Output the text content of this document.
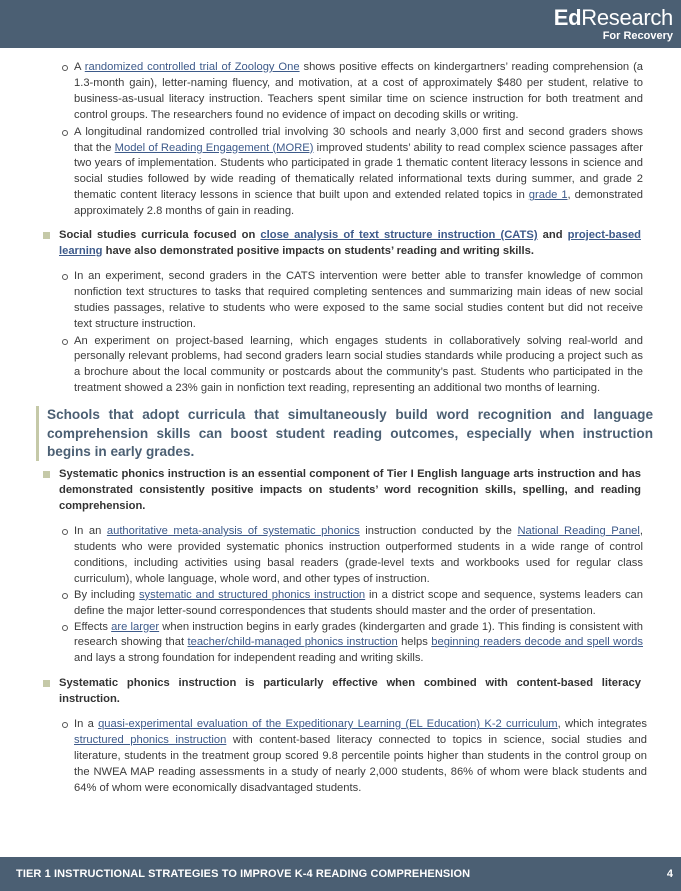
EdResearch
For Recovery
A randomized controlled trial of Zoology One shows positive effects on kindergartners’ reading comprehension (a 1.3-month gain), letter-naming fluency, and motivation, at a cost of approximately $480 per student, relative to business-as-usual literacy instruction. Teachers spent similar time on science instruction for both treatment and control groups. The researchers found no evidence of impact on decoding skills or writing.
A longitudinal randomized controlled trial involving 30 schools and nearly 3,000 first and second graders shows that the Model of Reading Engagement (MORE) improved students’ ability to read complex science passages after two years of implementation. Students who participated in grade 1 thematic content literacy lessons in science and social studies followed by wide reading of thematically related informational texts during summer, and grade 2 thematic content literacy lessons in science that built upon and extended related topics in grade 1, demonstrated approximately 2.8 months of gain in reading.
Social studies curricula focused on close analysis of text structure instruction (CATS) and project-based learning have also demonstrated positive impacts on students’ reading and writing skills.
In an experiment, second graders in the CATS intervention were better able to transfer knowledge of common nonfiction text structures to tasks that required completing sentences and summarizing main ideas of new social studies passages, relative to students who were exposed to the same social studies content but did not receive text structure instruction.
An experiment on project-based learning, which engages students in collaboratively solving real-world and personally relevant problems, had second graders learn social studies standards while producing a project such as a brochure about the local community or postcards about the community’s past. Students who participated in the treatment showed a 23% gain in nonfiction text reading, representing an additional two months of learning.
Schools that adopt curricula that simultaneously build word recognition and language comprehension skills can boost student reading outcomes, especially when instruction begins in early grades.
Systematic phonics instruction is an essential component of Tier I English language arts instruction and has demonstrated consistently positive impacts on students’ word recognition skills, spelling, and reading comprehension.
In an authoritative meta-analysis of systematic phonics instruction conducted by the National Reading Panel, students who were provided systematic phonics instruction outperformed students in a wide range of control conditions, including activities using basal readers (grade-level texts and workbooks used for regular class curriculum), whole language, whole word, and other types of instruction.
By including systematic and structured phonics instruction in a district scope and sequence, systems leaders can define the major letter-sound correspondences that students should master and the order of presentation.
Effects are larger when instruction begins in early grades (kindergarten and grade 1). This finding is consistent with research showing that teacher/child-managed phonics instruction helps beginning readers decode and spell words and lays a strong foundation for independent reading and writing skills.
Systematic phonics instruction is particularly effective when combined with content-based literacy instruction.
In a quasi-experimental evaluation of the Expeditionary Learning (EL Education) K-2 curriculum, which integrates structured phonics instruction with content-based literacy connected to topics in science, social studies and literature, students in the treatment group scored 9.8 percentile points higher than students in the control group on the NWEA MAP reading assessments in a study of nearly 2,000 students, 86% of whom were black students and 64% of whom were economically disadvantaged students.
TIER 1 INSTRUCTIONAL STRATEGIES TO IMPROVE K-4 READING COMPREHENSION	4
